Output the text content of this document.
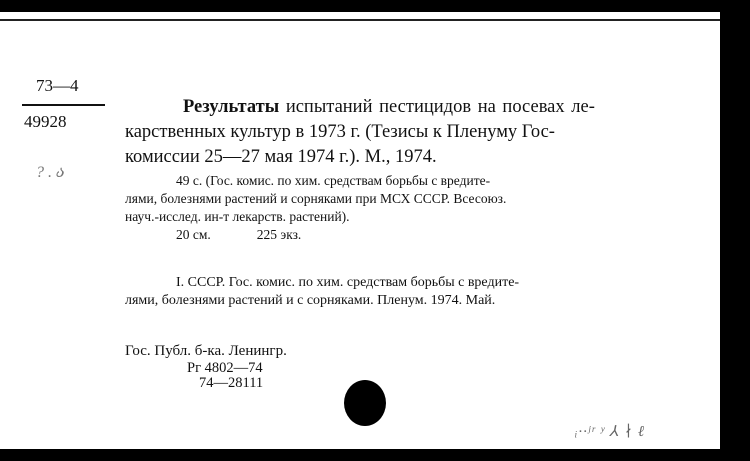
73—4
49928
? . ა
Результаты испытаний пестицидов на посевах ле-
карственных культур в 1973 г. (Тезисы к Пленуму Гос-
комиссии 25—27 мая 1974 г.). М., 1974.
49 с. (Гос. комис. по хим. средствам борьбы с вредите-
лями, болезнями растений и сорняками при МСХ СССР. Всесоюз.
науч.-исслед. ин-т лекарств. растений).
20 см.	225 экз.
I. СССР. Гос. комис. по хим. средствам борьбы с вредите-
лями, болезнями растений и с сорняками. Пленум. 1974. Май.
Гос. Публ. б-ка. Ленингр.
Рг 4802—74
74—28111
ᵢ··ʲʳ ʸ ⅄ ∤ ℓ
